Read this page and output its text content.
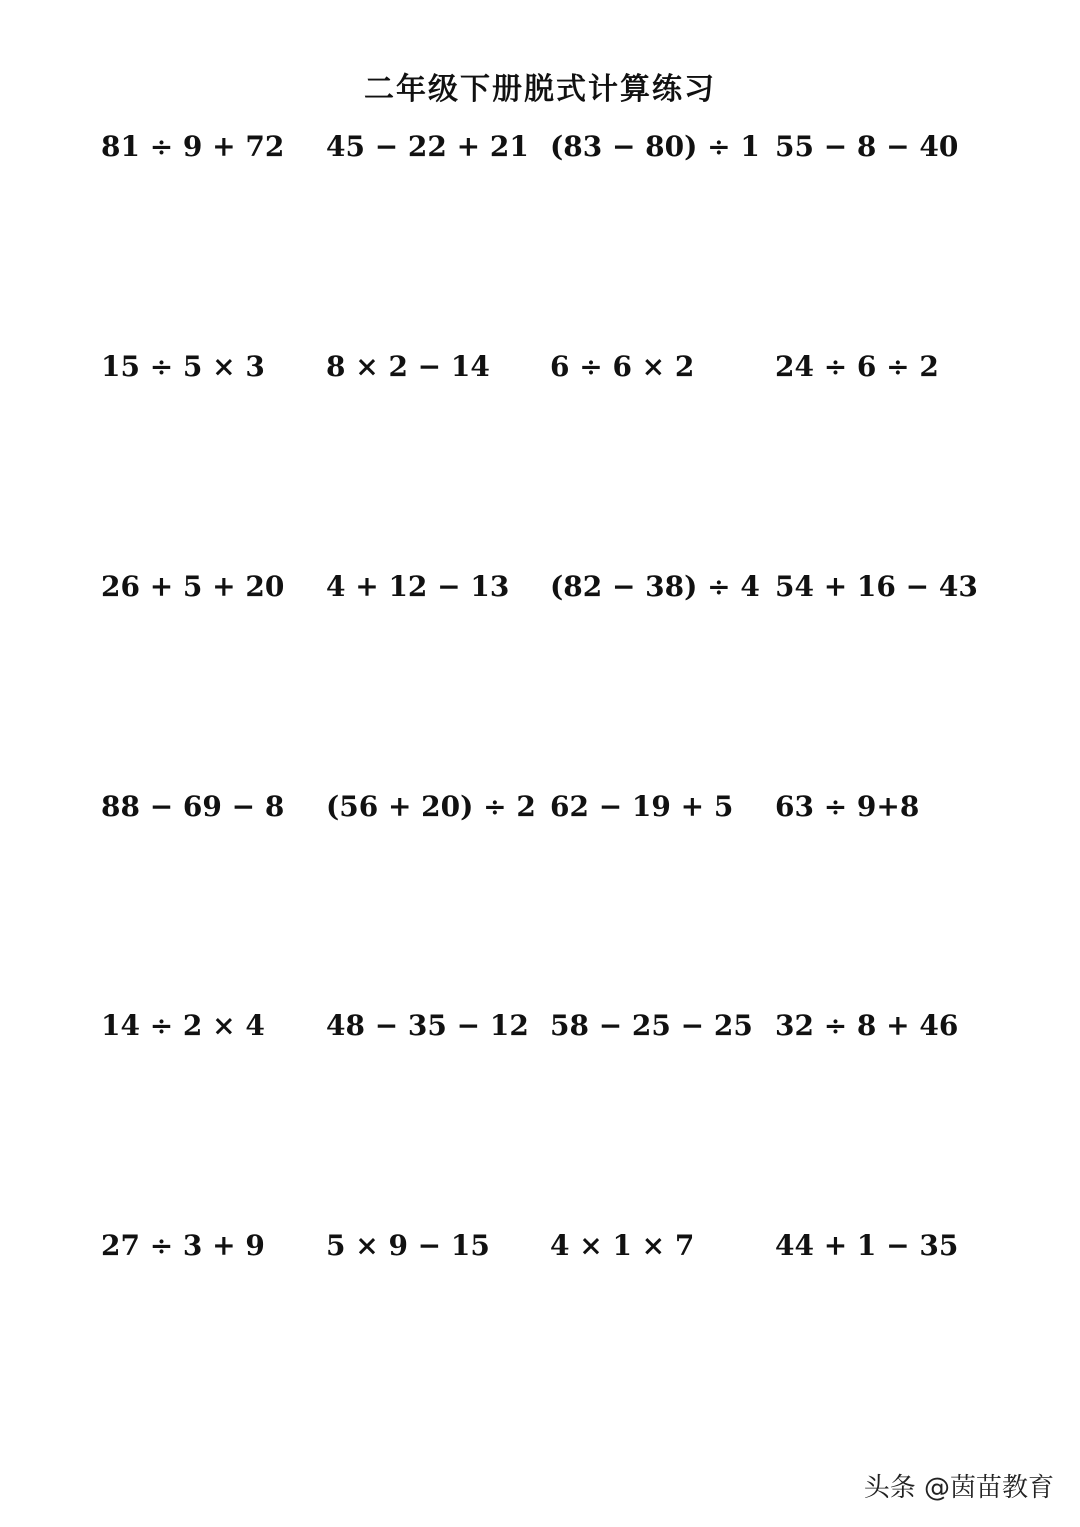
二年级下册脱式计算练习
81 ÷ 9 + 72 45 − 22 + 21 (83 − 80) ÷ 1 55 − 8 − 40
15 ÷ 5 × 3 8 × 2 − 14 6 ÷ 6 × 2	24 ÷ 6 ÷ 2
26 + 5 + 20 4 + 12 − 13 (82 − 38) ÷ 4 54 + 16 − 43
88 − 69 − 8 (56 + 20) ÷ 2 62 − 19 + 5 63 ÷ 9+8
14 ÷ 2 × 4 48 − 35 − 12 58 − 25 − 25 32 ÷ 8 + 46
27 ÷ 3 + 9 5 × 9 − 15 4 × 1 × 7	44 + 1 − 35
头条 @茵苗教育
